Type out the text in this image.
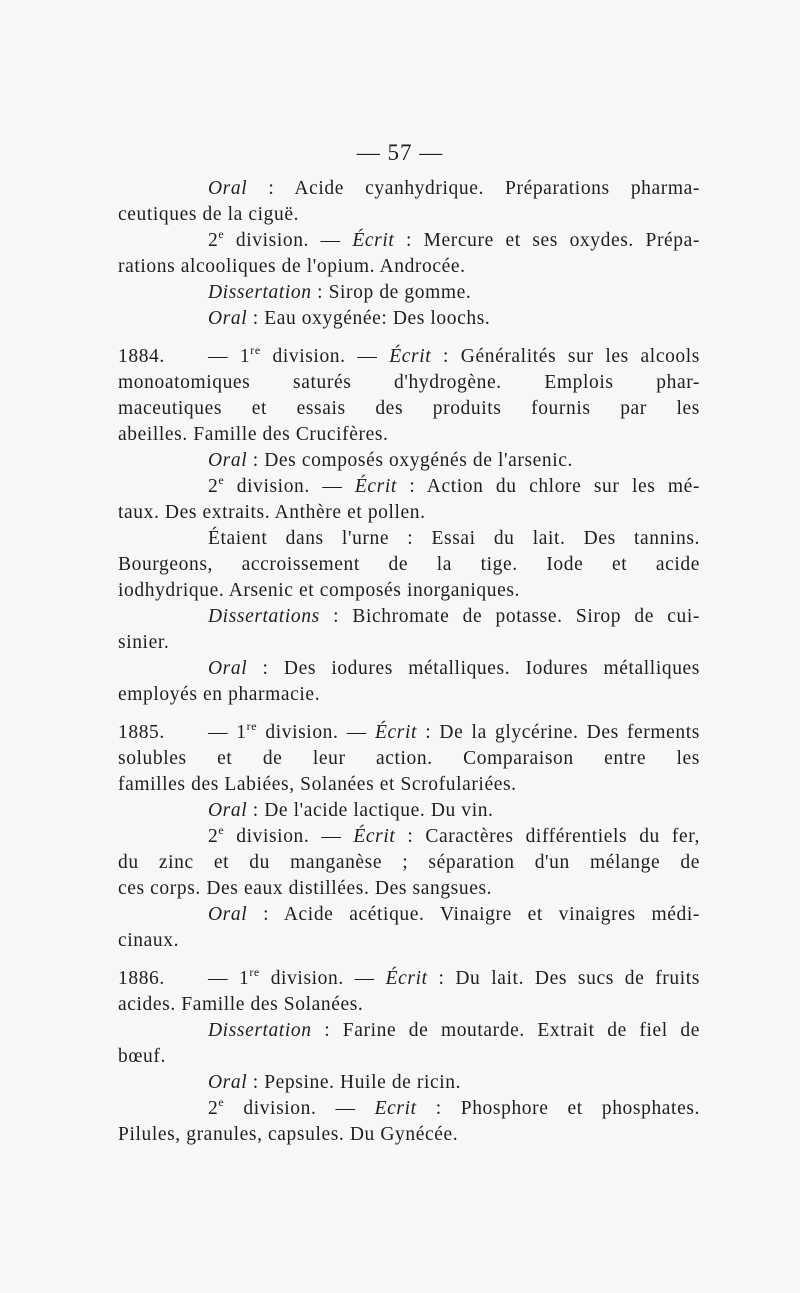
— 57 —
Oral : Acide cyanhydrique. Préparations pharma-
ceutiques de la ciguë.
2e division. — Écrit : Mercure et ses oxydes. Prépa-
rations alcooliques de l'opium. Androcée.
Dissertation : Sirop de gomme.
Oral : Eau oxygénée: Des loochs.
1884. — 1re division. — Écrit : Généralités sur les alcools
monoatomiques saturés d'hydrogène. Emplois phar-
maceutiques et essais des produits fournis par les
abeilles. Famille des Crucifères.
Oral : Des composés oxygénés de l'arsenic.
2e division. — Écrit : Action du chlore sur les mé-
taux. Des extraits. Anthère et pollen.
Étaient dans l'urne : Essai du lait. Des tannins.
Bourgeons, accroissement de la tige. Iode et acide
iodhydrique. Arsenic et composés inorganiques.
Dissertations : Bichromate de potasse. Sirop de cui-
sinier.
Oral : Des iodures métalliques. Iodures métalliques
employés en pharmacie.
1885. — 1re division. — Écrit : De la glycérine. Des ferments
solubles et de leur action. Comparaison entre les
familles des Labiées, Solanées et Scrofulariées.
Oral : De l'acide lactique. Du vin.
2e division. — Écrit : Caractères différentiels du fer,
du zinc et du manganèse ; séparation d'un mélange de
ces corps. Des eaux distillées. Des sangsues.
Oral : Acide acétique. Vinaigre et vinaigres médi-
cinaux.
1886. — 1re division. — Écrit : Du lait. Des sucs de fruits
acides. Famille des Solanées.
Dissertation : Farine de moutarde. Extrait de fiel de
bœuf.
Oral : Pepsine. Huile de ricin.
2e division. — Ecrit : Phosphore et phosphates.
Pilules, granules, capsules. Du Gynécée.
